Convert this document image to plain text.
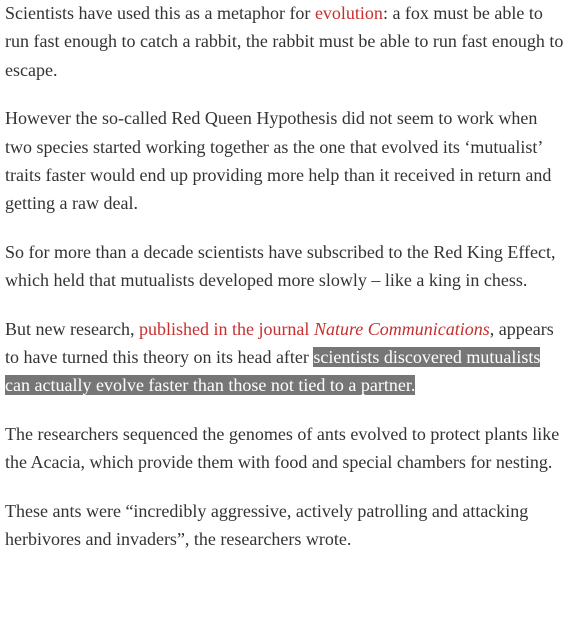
Scientists have used this as a metaphor for evolution: a fox must be able to run fast enough to catch a rabbit, the rabbit must be able to run fast enough to escape.

However the so-called Red Queen Hypothesis did not seem to work when two species started working together as the one that evolved its ‘mutualist’ traits faster would end up providing more help than it received in return and getting a raw deal.

So for more than a decade scientists have subscribed to the Red King Effect, which held that mutualists developed more slowly – like a king in chess.

But new research, published in the journal Nature Communications, appears to have turned this theory on its head after scientists discovered mutualists can actually evolve faster than those not tied to a partner.

The researchers sequenced the genomes of ants evolved to protect plants like the Acacia, which provide them with food and special chambers for nesting.

These ants were “incredibly aggressive, actively patrolling and attacking herbivores and invaders”, the researchers wrote.
